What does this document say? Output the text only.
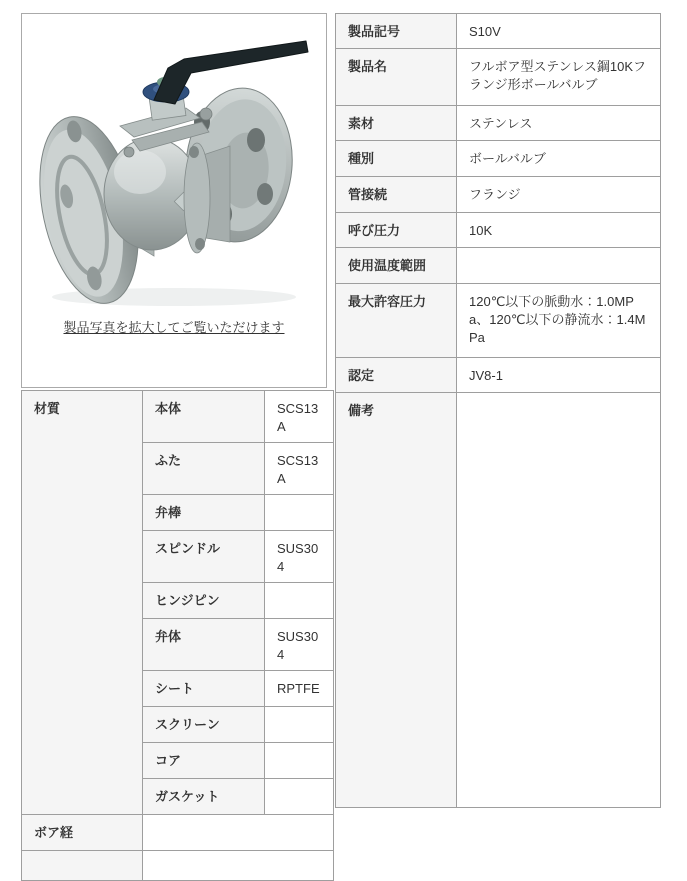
製品写真を拡大してご覧いただけます
材質	本体	SCS13A
	ふた	SCS13A
	弁棒	
	スピンドル	SUS304
	ヒンジピン	
	弁体	SUS304
	シート	RPTFE
	スクリーン	
	コア	
	ガスケット	
ボア経		

製品記号	S10V
製品名	フルボア型ステンレス鋼10Kフランジ形ボールバルブ
素材	ステンレス
種別	ボールバルブ
管接続	フランジ
呼び圧力	10K
使用温度範囲	
最大許容圧力	120℃以下の脈動水：1.0MPa、120℃以下の静流水：1.4MPa
認定	JV8-1
備考	
